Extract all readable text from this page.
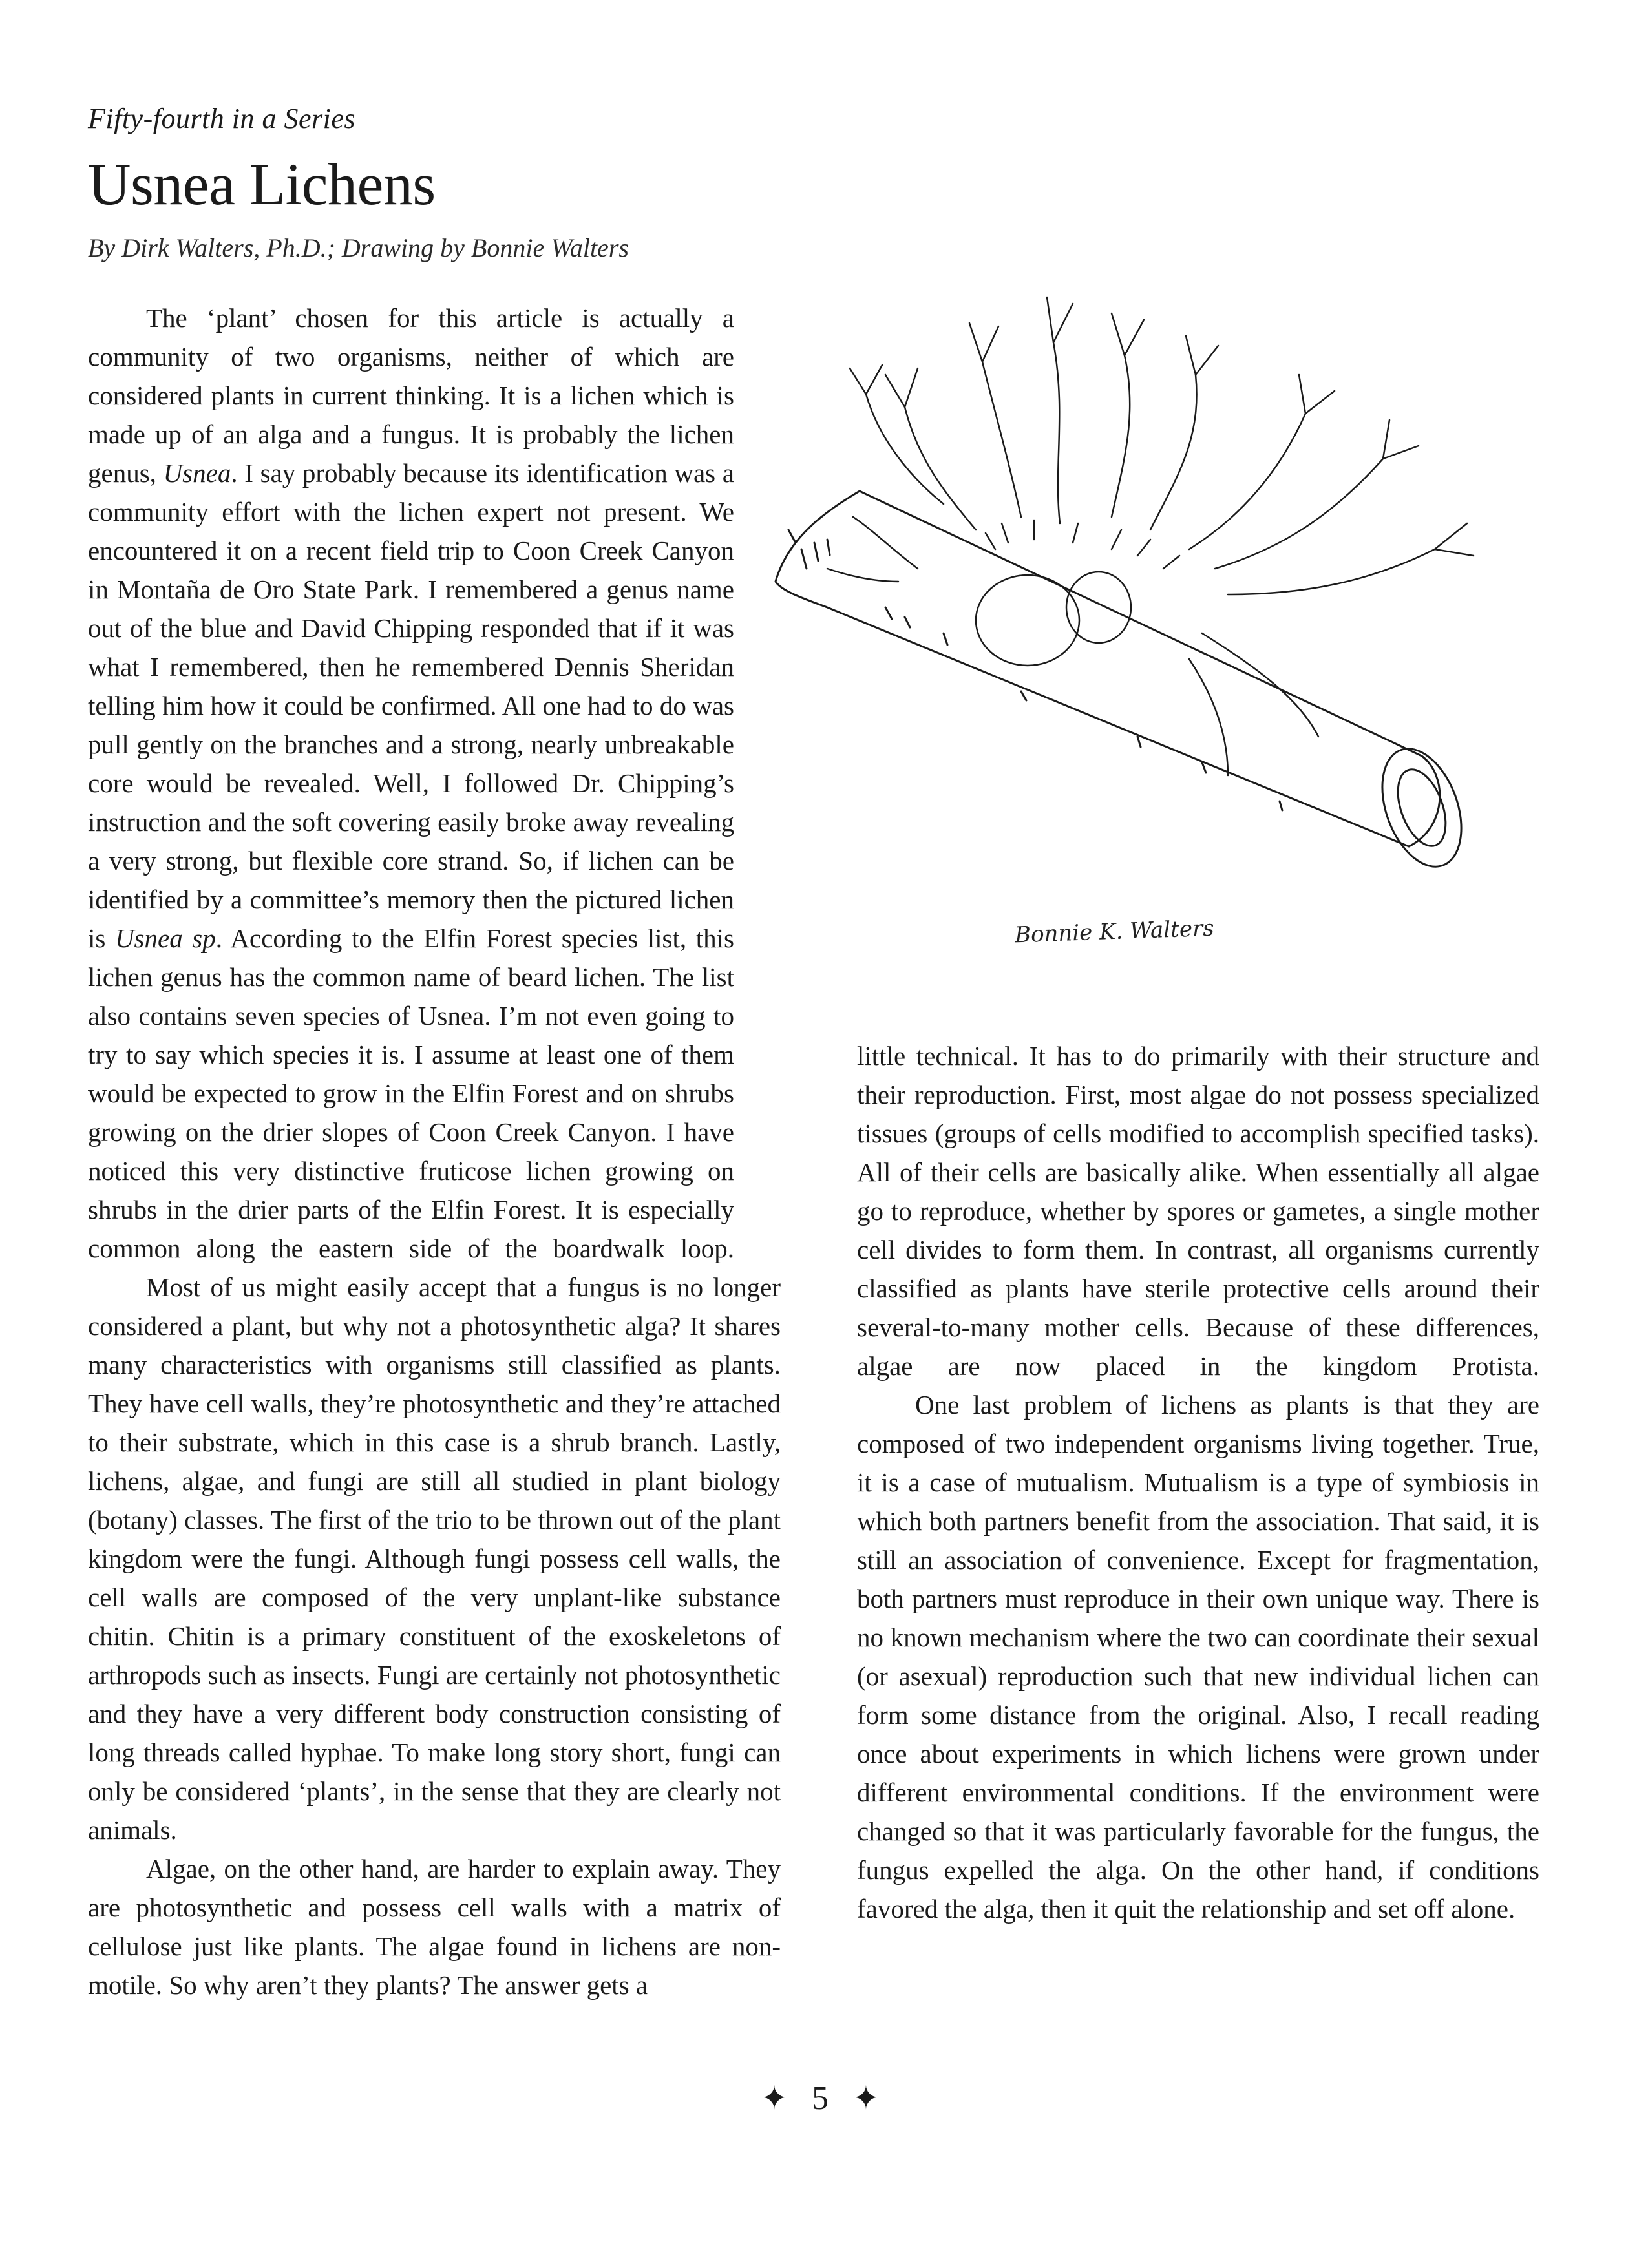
Fifty-fourth in a Series
Usnea Lichens
By Dirk Walters, Ph.D.; Drawing by Bonnie Walters
Bonnie K. Walters

The ‘plant’ chosen for this article is actually a community of two organisms, neither of which are considered plants in current thinking. It is a lichen which is made up of an alga and a fungus. It is probably the lichen genus, Usnea. I say probably because its identification was a community effort with the lichen expert not present. We encountered it on a recent field trip to Coon Creek Canyon in Montaña de Oro State Park. I remembered a genus name out of the blue and David Chipping responded that if it was what I remembered, then he remembered Dennis Sheridan telling him how it could be confirmed. All one had to do was pull gently on the branches and a strong, nearly unbreakable core would be revealed. Well, I followed Dr. Chipping’s instruction and the soft covering easily broke away revealing a very strong, but flexible core strand. So, if lichen can be identified by a committee’s memory then the pictured lichen is Usnea sp. According to the Elfin Forest species list, this lichen genus has the common name of beard lichen. The list also contains seven species of Usnea. I’m not even going to try to say which species it is. I assume at least one of them would be expected to grow in the Elfin Forest and on shrubs growing on the drier slopes of Coon Creek Canyon. I have noticed this very distinctive fruticose lichen growing on shrubs in the drier parts of the Elfin Forest. It is especially common along the eastern side of the boardwalk loop.

Most of us might easily accept that a fungus is no longer considered a plant, but why not a photosynthetic alga? It shares many characteristics with organisms still classified as plants. They have cell walls, they’re photosynthetic and they’re attached to their substrate, which in this case is a shrub branch. Lastly, lichens, algae, and fungi are still all studied in plant biology (botany) classes. The first of the trio to be thrown out of the plant kingdom were the fungi. Although fungi possess cell walls, the cell walls are composed of the very unplant-like substance chitin. Chitin is a primary constituent of the exoskeletons of arthropods such as insects. Fungi are certainly not photosynthetic and they have a very different body construction consisting of long threads called hyphae. To make long story short, fungi can only be considered ‘plants’, in the sense that they are clearly not animals.

Algae, on the other hand, are harder to explain away. They are photosynthetic and possess cell walls with a matrix of cellulose just like plants. The algae found in lichens are non-motile. So why aren’t they plants? The answer gets a

little technical. It has to do primarily with their structure and their reproduction. First, most algae do not possess specialized tissues (groups of cells modified to accomplish specified tasks). All of their cells are basically alike. When essentially all algae go to reproduce, whether by spores or gametes, a single mother cell divides to form them. In contrast, all organisms currently classified as plants have sterile protective cells around their several-to-many mother cells. Because of these differences, algae are now placed in the kingdom Protista.

One last problem of lichens as plants is that they are composed of two independent organisms living together. True, it is a case of mutualism. Mutualism is a type of symbiosis in which both partners benefit from the association. That said, it is still an association of convenience. Except for fragmentation, both partners must reproduce in their own unique way. There is no known mechanism where the two can coordinate their sexual (or asexual) reproduction such that new individual lichen can form some distance from the original. Also, I recall reading once about experiments in which lichens were grown under different environmental conditions. If the environment were changed so that it was particularly favorable for the fungus, the fungus expelled the alga. On the other hand, if conditions favored the alga, then it quit the relationship and set off alone.

✦ 5 ✦
